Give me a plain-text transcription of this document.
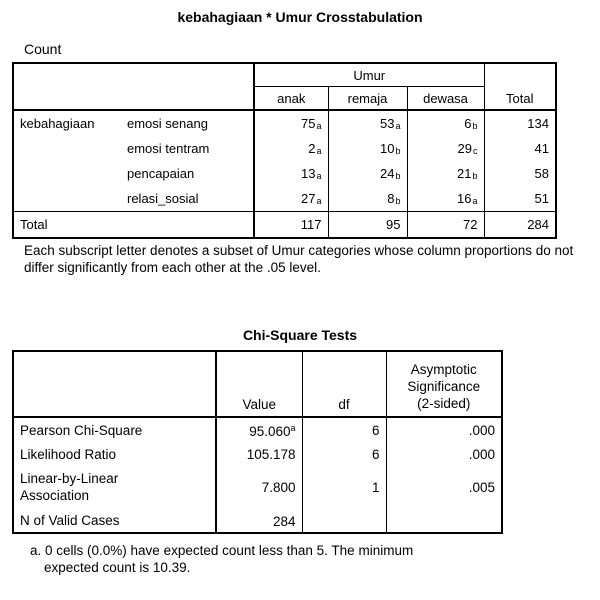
kebahagiaan * Umur Crosstabulation
Count
		Umur			Total
		anak	remaja	dewasa	
kebahagiaan	emosi senang	75a	53a	6b	134
	emosi tentram	2a	10b	29c	41
	pencapaian	13a	24b	21b	58
	relasi_sosial	27a	8b	16a	51
Total		117	95	72	284
Each subscript letter denotes a subset of Umur categories whose column proportions do not differ significantly from each other at the .05 level.
Chi-Square Tests
	Value	df	Asymptotic
Significance
(2-sided)

Pearson Chi-Square	95.060$^a$	6	.000
Likelihood Ratio	105.178	6	.000

Linear-by-Linear
Association	7.800	1	.005
N of Valid Cases	284		
a. 0 cells (0.0%) have expected count less than 5. The minimum
expected count is 10.39.
